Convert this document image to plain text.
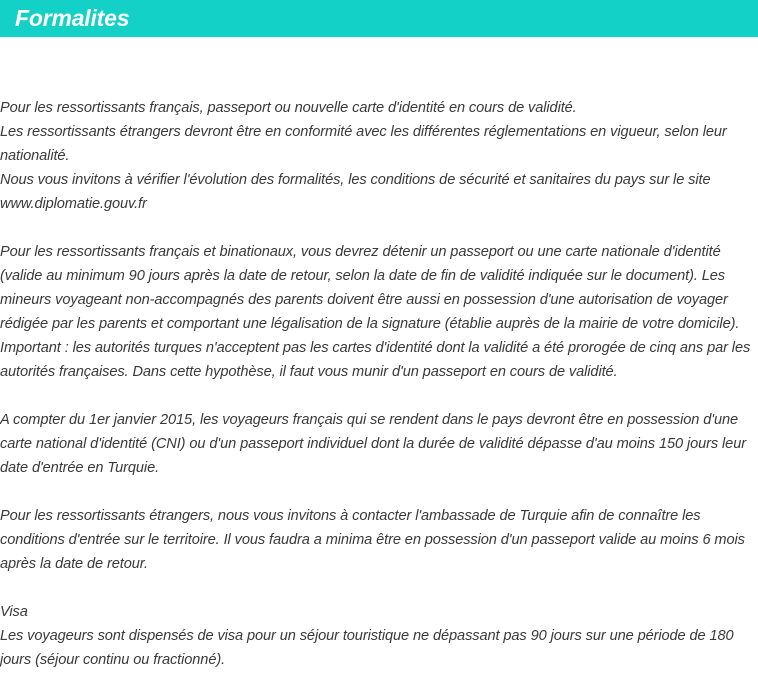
Formalites

Pour les ressortissants français, passeport ou nouvelle carte d'identité en cours de validité.

Les ressortissants étrangers devront être en conformité avec les différentes réglementations en vigueur, selon leur nationalité.

Nous vous invitons à vérifier l'évolution des formalités, les conditions de sécurité et sanitaires du pays sur le site www.diplomatie.gouv.fr

Pour les ressortissants français et binationaux, vous devrez détenir un passeport ou une carte nationale d'identité (valide au minimum 90 jours après la date de retour, selon la date de fin de validité indiquée sur le document). Les mineurs voyageant non-accompagnés des parents doivent être aussi en possession d'une autorisation de voyager rédigée par les parents et comportant une légalisation de la signature (établie auprès de la mairie de votre domicile).

Important : les autorités turques n'acceptent pas les cartes d'identité dont la validité a été prorogée de cinq ans par les autorités françaises. Dans cette hypothèse, il faut vous munir d'un passeport en cours de validité.

A compter du 1er janvier 2015, les voyageurs français qui se rendent dans le pays devront être en possession d'une carte national d'identité (CNI) ou d'un passeport individuel dont la durée de validité dépasse d'au moins 150 jours leur date d'entrée en Turquie.

Pour les ressortissants étrangers, nous vous invitons à contacter l'ambassade de Turquie afin de connaître les conditions d'entrée sur le territoire. Il vous faudra a minima être en possession d'un passeport valide au moins 6 mois après la date de retour.

Visa

Les voyageurs sont dispensés de visa pour un séjour touristique ne dépassant pas 90 jours sur une période de 180 jours (séjour continu ou fractionné).
